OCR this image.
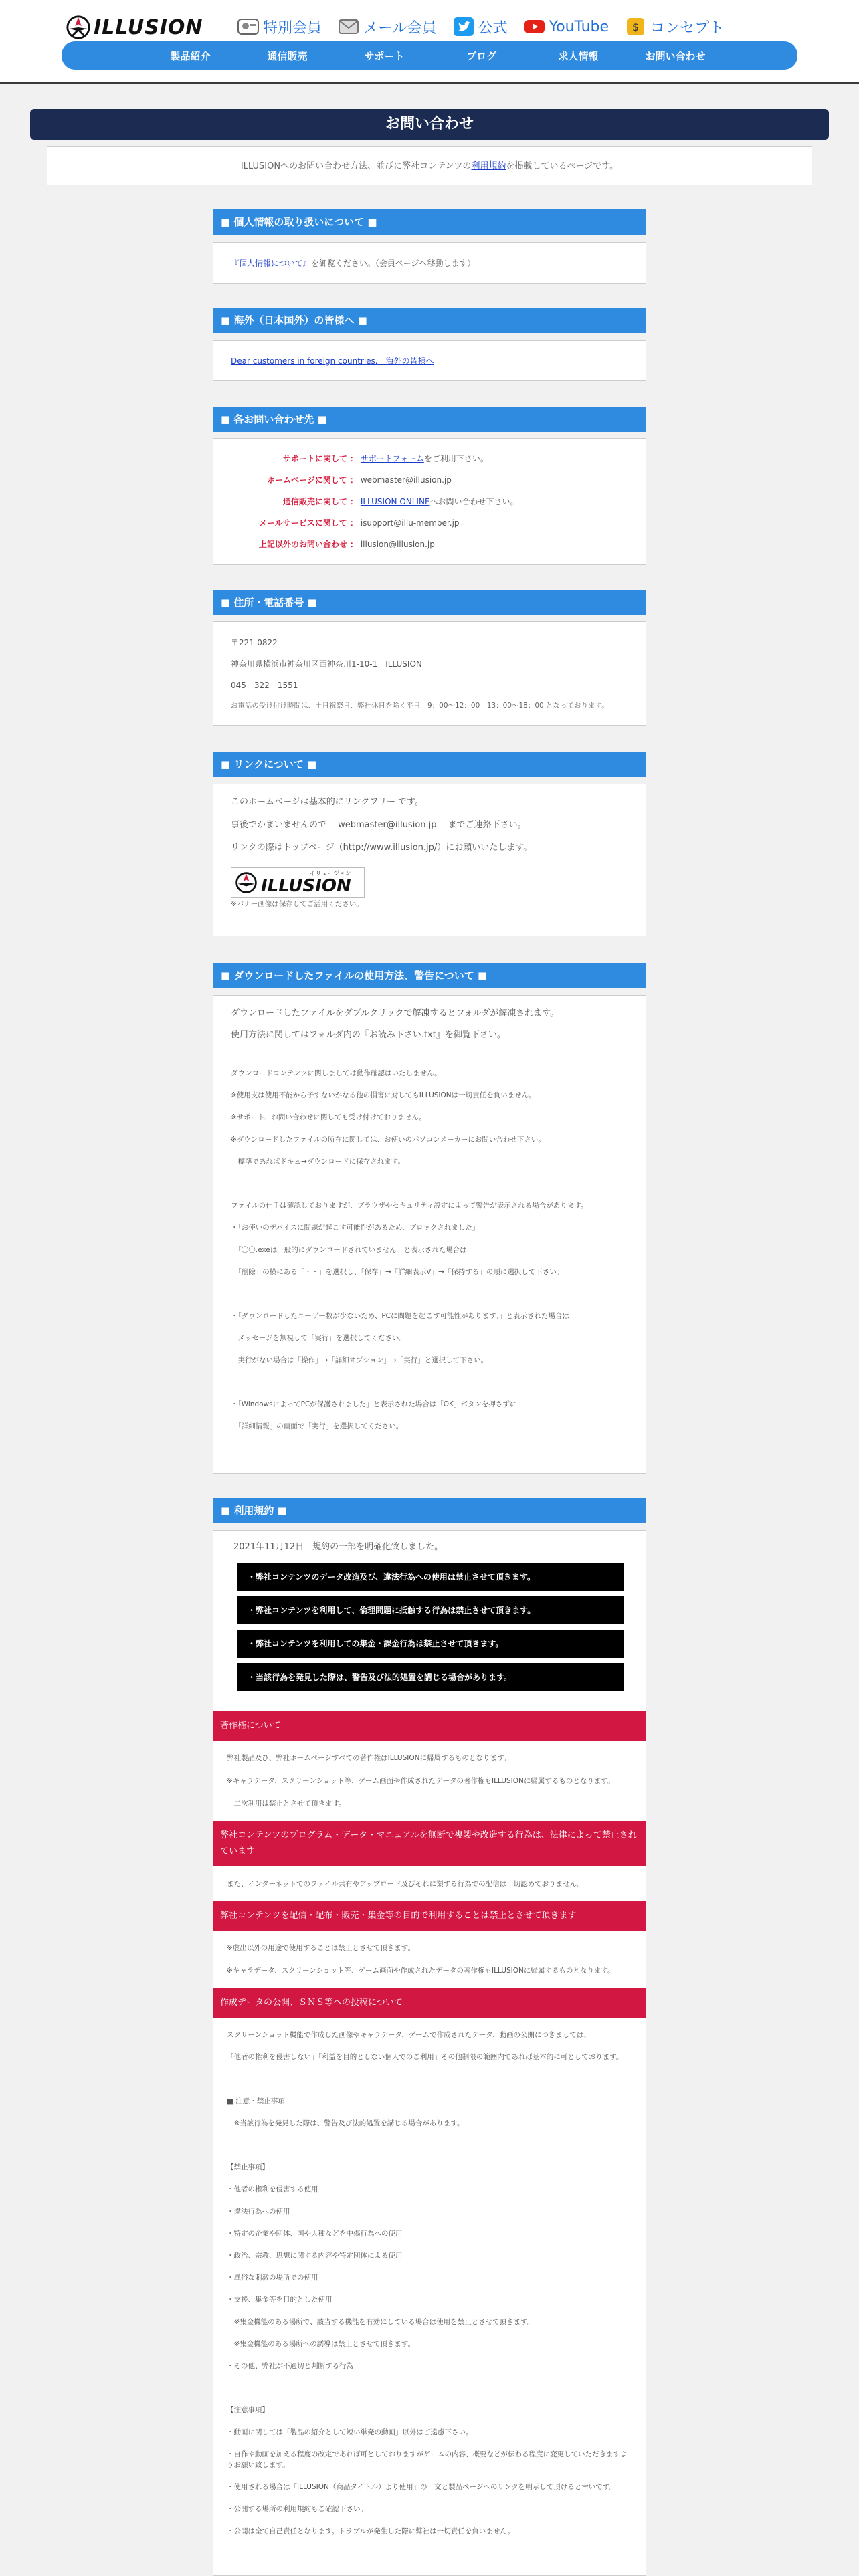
ILLUSION	特別会員	メール会員	公式	YouTube $ コンセプト
製品紹介	通信販売	サポート	ブログ	求人情報	お問い合わせ
お問い合わせ
ILLUSIONへのお問い合わせ方法、並びに弊社コンテンツの利用規約を掲載しているページです。
■ 個人情報の取り扱いについて ■
『個人情報について』を御覧ください。（会員ページへ移動します）
■ 海外（日本国外）の皆様へ ■
Dear customers in foreign countries.　海外の皆様へ
■ 各お問い合わせ先 ■
サポートに関して ： サポートフォームをご利用下さい。
ホームページに関して ： webmaster@illusion.jp
通信販売に関して ： ILLUSION ONLINEへお問い合わせ下さい。
メールサービスに関して ： isupport@illu-member.jp
上記以外のお問い合わせ ： illusion@illusion.jp
■ 住所・電話番号 ■
〒221-0822
神奈川県横浜市神奈川区西神奈川1-10-1　ILLUSION
045－322－1551
お電話の受け付け時間は、土日祝祭日、弊社休日を除く平日　9：00～12：00　13：00～18：00 となっております。
■ リンクについて ■
このホームページは基本的にリンクフリー です。
事後でかまいませんので　 webmaster@illusion.jp 　までご連絡下さい。
リンクの際はトップページ（http://www.illusion.jp/）にお願いいたします。
イリュージョン
ILLUSION
※バナー画像は保存してご活用ください。
■ ダウンロードしたファイルの使用方法、警告について ■
ダウンロードしたファイルをダブルクリックで解凍するとフォルダが解凍されます。
使用方法に関してはフォルダ内の『お読み下さい.txt』を御覧下さい。
ダウンロードコンテンツに関しましては動作確認はいたしません。
※使用支は使用不能から予すないかなる他の損害に対してもILLUSIONは一切責任を負いません。
※サポート、お問い合わせに関しても受け付けておりません。
※ダウンロードしたファイルの所在に関しては、お使いのパソコンメーカーにお問い合わせ下さい。
　標準であればドキュ→ダウンロードに保存されます。
ファイルの仕手は確認しておりますが、ブラウザやセキュリティ設定によって警告が表示される場合があります。
・「お使いのデバイスに問題が起こす可能性があるため、ブロックされました」
　「〇〇.exeは一般的にダウンロードされていません」と表示された場合は
　「削除」の横にある「・・」を選択し、「保存」→「詳細表示V」→「保持する」の順に選択して下さい。
・「ダウンロードしたユーザー数が少ないため、PCに問題を起こす可能性があります。」と表示された場合は
　メッセージを無視して「実行」を選択してください。
　実行がない場合は「操作」→「詳細オプション」→「実行」と選択して下さい。
・「WindowsによってPCが保護されました」と表示された場合は「OK」ボタンを押さずに
　「詳細情報」の画面で「実行」を選択してください。
■ 利用規約 ■
2021年11月12日　規約の一部を明確化致しました。
・弊社コンテンツのデータ改造及び、違法行為への使用は禁止させて頂きます。
・弊社コンテンツを利用して、倫理問題に抵触する行為は禁止させて頂きます。
・弊社コンテンツを利用しての集金・課金行為は禁止させて頂きます。
・当該行為を発見した際は、警告及び法的処置を講じる場合があります。
著作権について
弊社製品及び、弊社ホームページすべての著作権はILLUSIONに帰属するものとなります。
※キャラデータ、スクリーンショット等、ゲーム画面や作成されたデータの著作権もILLUSIONに帰属するものとなります。
　二次利用は禁止とさせて頂きます。
弊社コンテンツのプログラム・データ・マニュアルを無断で複製や改造する行為は、法律によって禁止されています
また、インターネットでのファイル共有やアップロード及びそれに類する行為での配信は一切認めておりません。
弊社コンテンツを配信・配布・販売・集金等の目的で利用することは禁止とさせて頂きます
※虚出以外の用途で使用することは禁止とさせて頂きます。
※キャラデータ、スクリーンショット等、ゲーム画面や作成されたデータの著作権もILLUSIONに帰属するものとなります。
作成データの公開、ＳＮＳ等への投稿について
スクリーンショット機能で作成した画像やキャラデータ、ゲームで作成されたデータ、動画の公開につきましては、
「他者の権利を侵害しない」「利益を目的としない個人でのご利用」その他制限の範囲内であれば基本的に可としております。
■ 注意・禁止事項
　※当該行為を発見した際は、警告及び法的処置を講じる場合があります。
【禁止事項】
・他者の権利を侵害する使用
・違法行為への使用
・特定の企業や団体、国や人種などを中傷行為への使用
・政治、宗教、思想に関する内容や特定団体による使用
・風俗な刺激の場所での使用
・支援、集金等を目的とした使用
　※集金機能のある場所で、該当する機能を有効にしている場合は使用を禁止とさせて頂きます。
　※集金機能のある場所への誘導は禁止とさせて頂きます。
・その他、弊社が不適切と判断する行為
【注意事項】
・動画に関しては「製品の紹介として短い単発の動画」以外はご遠慮下さい。
・自作や動画を加える程度の改定であれば可としておりますがゲームの内容、概要などが伝わる程度に変更していただきますようお願い致します。
・使用される場合は「ILLUSION（商品タイトル）より使用」の一文と製品ページへのリンクを明示して頂けると幸いです。
・公開する場所の利用規約もご確認下さい。
・公開は全て自己責任となります。トラブルが発生した際に弊社は一切責任を負いません。
